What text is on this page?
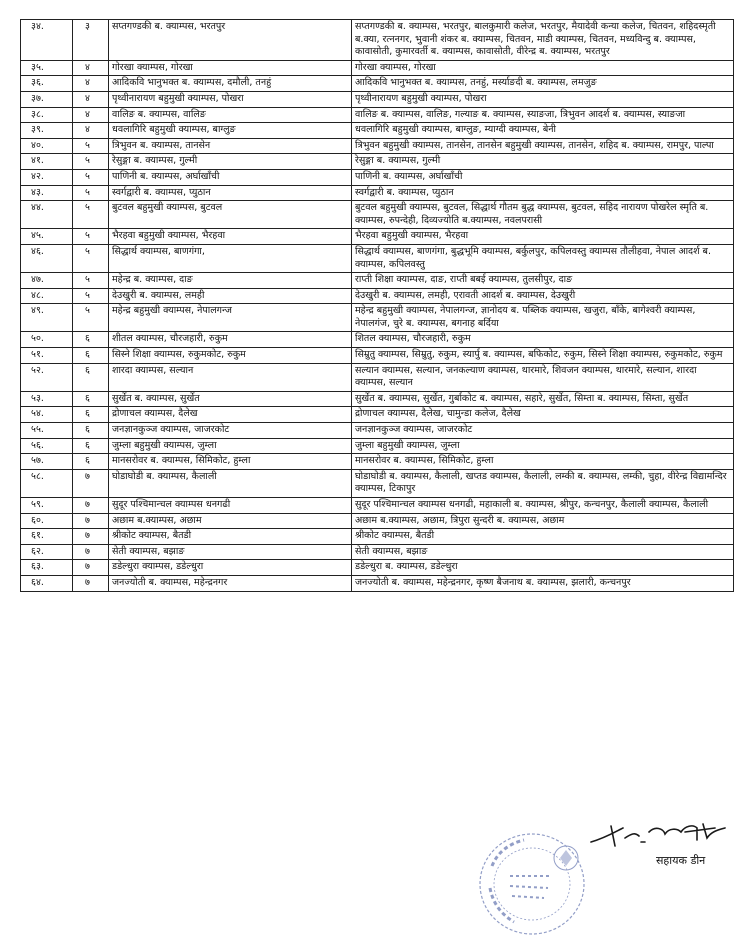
३४.	३	सप्तगण्डकी ब. क्याम्पस, भरतपुर	सप्तगण्डकी ब. क्याम्पस, भरतपुर, बालकुमारी कलेज, भरतपुर, मैयादेवी कन्या कलेज, चितवन, शहिदस्मृती ब.क्या, रत्ननगर, भुवानी शंकर ब. क्याम्पस, चितवन, माडी क्याम्पस, चितवन, मध्यविन्दु ब. क्याम्पस, कावासोती, कुमारवर्ती ब. क्याम्पस, कावासोती, वीरेन्द्र ब. क्याम्पस, भरतपुर
३५.	४	गोरखा क्याम्पस, गोरखा	गोरखा क्याम्पस, गोरखा
३६.	४	आदिकवि भानुभक्त ब. क्याम्पस, दमौली, तनहुं	आदिकवि भानुभक्त ब. क्याम्पस, तनहुं, मर्स्याङदी ब. क्याम्पस, लमजुङ
३७.	४	पृथ्वीनारायण बहुमुखी क्याम्पस, पोखरा	पृथ्वीनारायण बहुमुखी क्याम्पस, पोखरा
३८.	४	वालिङ ब. क्याम्पस, वालिङ	वालिङ ब. क्याम्पस, वालिङ, गल्याङ ब. क्याम्पस, स्याङजा, त्रिभुवन आदर्श ब. क्याम्पस, स्याङजा
३९.	४	धवलागिरि बहुमुखी क्याम्पस, बाग्लुङ	धवलागिरि बहुमुखी क्याम्पस, बाग्लुङ, म्याग्दी क्याम्पस, बेनी
४०.	५	त्रिभुवन ब. क्याम्पस, तानसेन	त्रिभुवन बहुमुखी क्याम्पस, तानसेन, तानसेन बहुमुखी क्याम्पस, तानसेन, शहिद ब. क्याम्पस, रामपुर, पाल्पा
४१.	५	रेसुङ्गा ब. क्याम्पस, गुल्मी	रेसुङ्गा ब. क्याम्पस, गुल्मी
४२.	५	पाणिनी ब. क्याम्पस, अर्घाखाँची	पाणिनी ब. क्याम्पस, अर्घाखाँची
४३.	५	स्वर्गद्वारी ब. क्याम्पस, प्युठान	स्वर्गद्वारी ब. क्याम्पस, प्युठान
४४.	५	बुटवल बहुमुखी क्याम्पस, बुटवल	बुटवल बहुमुखी क्याम्पस, बुटवल, सिद्धार्थ गौतम बुद्ध क्याम्पस, बुटवल, सहिद नारायण पोखरेल स्मृति ब. क्याम्पस, रुपन्देही, दिव्यज्योति ब.क्याम्पस, नवलपरासी
४५.	५	भैरहवा बहुमुखी क्याम्पस, भैरहवा	भैरहवा बहुमुखी क्याम्पस, भैरहवा
४६.	५	सिद्धार्थ क्याम्पस, बाणगंगा,	सिद्धार्थ क्याम्पस, बाणगंगा, बुद्धभूमि क्याम्पस, बर्कुलपुर, कपिलवस्तु क्याम्पस तौलीहवा, नेपाल आदर्श ब. क्याम्पस, कपिलवस्तु
४७.	५	महेन्द्र ब. क्याम्पस, दाङ	राप्ती शिक्षा क्याम्पस, दाङ, राप्ती बबई क्याम्पस, तुलसीपुर, दाङ
४८.	५	देउखुरी ब. क्याम्पस, लमही	देउखुरी ब. क्याम्पस, लमही, एरावती आदर्श ब. क्याम्पस, देउखुरी
४९.	५	महेन्द्र बहुमुखी क्याम्पस, नेपालगन्ज	महेन्द्र बहुमुखी क्याम्पस, नेपालगन्ज, ज्ञानोदय ब. पब्लिक क्याम्पस, खजुरा, बाँके, बागेश्वरी क्याम्पस, नेपालगंज, चुरे ब. क्याम्पस, बगनाह बर्दिया
५०.	६	शीतल क्याम्पस, चौरजहारी, रुकुम	शितल क्याम्पस, चौरजहारी, रुकुम
५१.	६	सिस्ने शिक्षा क्याम्पस, रुकुमकोट, रुकुम	सिम्रुतु क्याम्पस, सिम्रुतु, रुकुम, स्यार्पु ब. क्याम्पस, बफिकोट, रुकुम, सिस्ने शिक्षा क्याम्पस, रुकुमकोट, रुकुम
५२.	६	शारदा क्याम्पस, सल्यान	सल्यान क्याम्पस, सल्यान, जनकल्याण क्याम्पस, थारमारे, शिवजन क्याम्पस, थारमारे, सल्यान, शारदा क्याम्पस, सल्यान
५३.	६	सुर्खेत ब. क्याम्पस, सुर्खेत	सुर्खेत ब. क्याम्पस, सुर्खेत, गुर्बाकोट ब. क्याम्पस, सहारे, सुर्खेत, सिम्ता ब. क्याम्पस, सिम्ता, सुर्खेत
५४.	६	द्रोणाचल क्याम्पस, दैलेख	द्रोणाचल क्याम्पस, दैलेख, चामुन्डा कलेज, दैलेख
५५.	६	जनज्ञानकुञ्ज क्याम्पस, जाजरकोट	जनज्ञानकुञ्ज क्याम्पस, जाजरकोट
५६.	६	जुम्ला बहुमुखी क्याम्पस, जुम्ला	जुम्ला बहुमुखी क्याम्पस, जुम्ला
५७.	६	मानसरोवर ब. क्याम्पस, सिमिकोट, हुम्ला	मानसरोवर ब. क्याम्पस, सिमिकोट, हुम्ला
५८.	७	घोडाघोडी ब. क्याम्पस, कैलाली	घोडाघोडी ब. क्याम्पस, कैलाली, खप्तड क्याम्पस, कैलाली, लम्की ब. क्याम्पस, लम्की, चुहा, वीरेन्द्र विद्यामन्दिर क्याम्पस, टिकापुर
५९.	७	सुदूर पश्चिमान्चल क्याम्पस धनगढी	सुदूर पश्चिमान्चल क्याम्पस धनगढी, महाकाली ब. क्याम्पस, श्रीपुर, कन्चनपुर, कैलाली क्याम्पस, कैलाली
६०.	७	अछाम ब.क्याम्पस, अछाम	अछाम ब.क्याम्पस, अछाम, त्रिपुरा सुन्दरी ब. क्याम्पस, अछाम
६१.	७	श्रीकोट क्याम्पस, बैतडी	श्रीकोट क्याम्पस, बैतडी
६२.	७	सेती क्याम्पस, बझाङ	सेती क्याम्पस, बझाङ
६३.	७	डडेल्धुरा क्याम्पस, डडेल्धुरा	डडेल्धुरा ब. क्याम्पस, डडेल्धुरा
६४.	७	जनज्योती ब. क्याम्पस, महेन्द्रनगर	जनज्योती ब. क्याम्पस, महेन्द्रनगर, कृष्ण बैजनाथ ब. क्याम्पस, झलारी, कन्चनपुर
सहायक डीन
